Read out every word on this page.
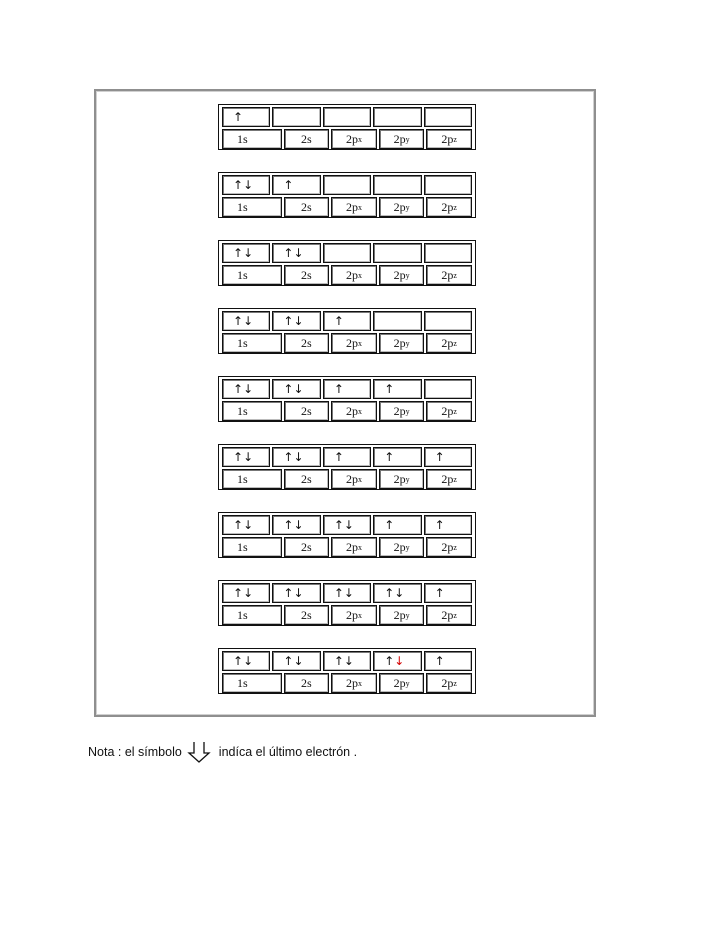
↑
1s	2s	2p x	2p y	2p z
↑ ↓	↑
1s	2s	2p x	2p y	2p z
↑ ↓	↑ ↓
1s	2s	2p x	2p y	2p z
↑ ↓	↑ ↓	↑
1s	2s	2p x	2p y	2p z
↑ ↓	↑ ↓	↑	↑
1s	2s	2p x	2p y	2p z
↑ ↓	↑ ↓	↑	↑	↑
1s	2s	2p x	2p y	2p z
↑ ↓	↑ ↓	↑ ↓	↑	↑
1s	2s	2p x	2p y	2p z
↑ ↓	↑ ↓	↑ ↓	↑ ↓	↑
1s	2s	2p x	2p y	2p z
↑ ↓	↑ ↓	↑ ↓	↑ ↓	↑
1s	2s	2p x	2p y	2p z
Nota : el símbolo	indíca el último electrón .
